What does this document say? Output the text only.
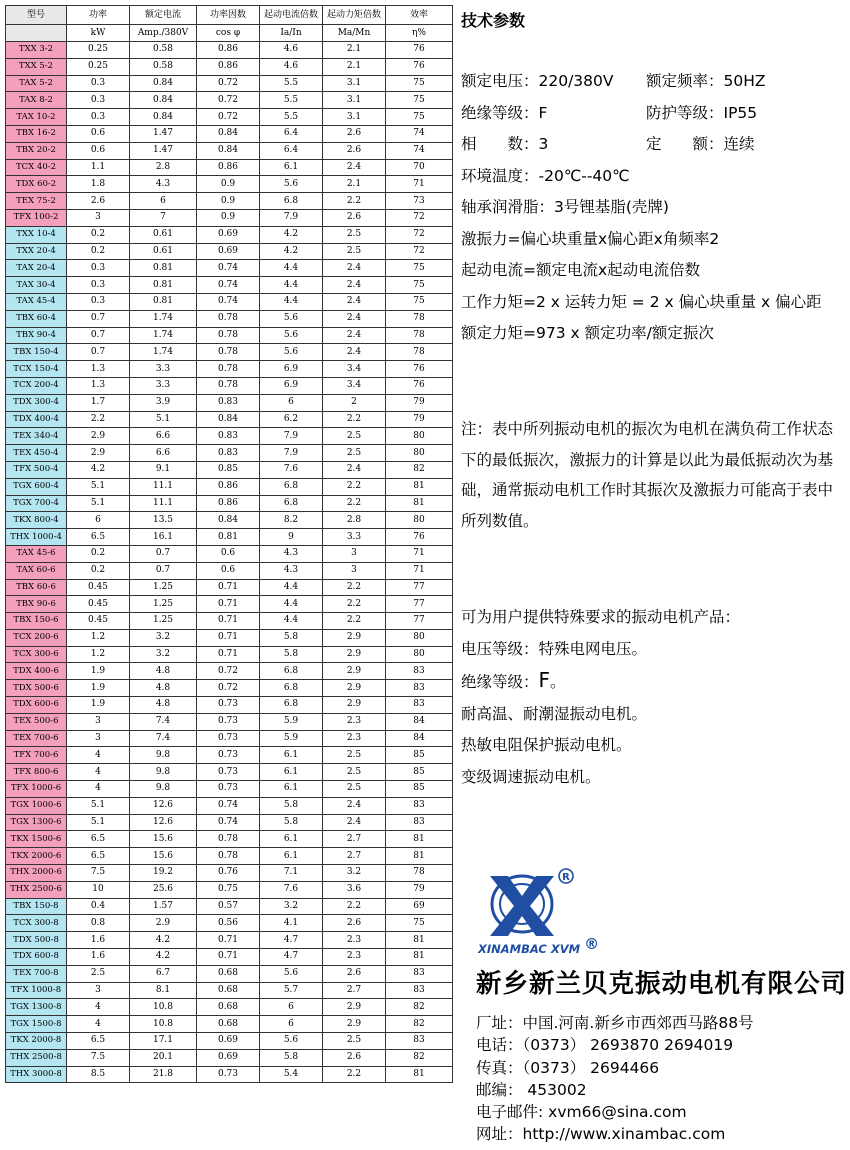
型号	功率	额定电流	功率因数	起动电流倍数	起动力矩倍数	效率
	kW	Amp./380V	cos φ	Ia/In	Ma/Mn	η%
TXX 3-2	0.25	0.58	0.86	4.6	2.1	76
TXX 5-2	0.25	0.58	0.86	4.6	2.1	76
TAX 5-2	0.3	0.84	0.72	5.5	3.1	75
TAX 8-2	0.3	0.84	0.72	5.5	3.1	75
TAX 10-2	0.3	0.84	0.72	5.5	3.1	75
TBX 16-2	0.6	1.47	0.84	6.4	2.6	74
TBX 20-2	0.6	1.47	0.84	6.4	2.6	74
TCX 40-2	1.1	2.8	0.86	6.1	2.4	70
TDX 60-2	1.8	4.3	0.9	5.6	2.1	71
TEX 75-2	2.6	6	0.9	6.8	2.2	73
TFX 100-2	3	7	0.9	7.9	2.6	72
TXX 10-4	0.2	0.61	0.69	4.2	2.5	72
TXX 20-4	0.2	0.61	0.69	4.2	2.5	72
TAX 20-4	0.3	0.81	0.74	4.4	2.4	75
TAX 30-4	0.3	0.81	0.74	4.4	2.4	75
TAX 45-4	0.3	0.81	0.74	4.4	2.4	75
TBX 60-4	0.7	1.74	0.78	5.6	2.4	78
TBX 90-4	0.7	1.74	0.78	5.6	2.4	78
TBX 150-4	0.7	1.74	0.78	5.6	2.4	78
TCX 150-4	1.3	3.3	0.78	6.9	3.4	76
TCX 200-4	1.3	3.3	0.78	6.9	3.4	76
TDX 300-4	1.7	3.9	0.83	6	2	79
TDX 400-4	2.2	5.1	0.84	6.2	2.2	79
TEX 340-4	2.9	6.6	0.83	7.9	2.5	80
TEX 450-4	2.9	6.6	0.83	7.9	2.5	80
TFX 500-4	4.2	9.1	0.85	7.6	2.4	82
TGX 600-4	5.1	11.1	0.86	6.8	2.2	81
TGX 700-4	5.1	11.1	0.86	6.8	2.2	81
TKX 800-4	6	13.5	0.84	8.2	2.8	80
THX 1000-4	6.5	16.1	0.81	9	3.3	76
TAX 45-6	0.2	0.7	0.6	4.3	3	71
TAX 60-6	0.2	0.7	0.6	4.3	3	71
TBX 60-6	0.45	1.25	0.71	4.4	2.2	77
TBX 90-6	0.45	1.25	0.71	4.4	2.2	77
TBX 150-6	0.45	1.25	0.71	4.4	2.2	77
TCX 200-6	1.2	3.2	0.71	5.8	2.9	80
TCX 300-6	1.2	3.2	0.71	5.8	2.9	80
TDX 400-6	1.9	4.8	0.72	6.8	2.9	83
TDX 500-6	1.9	4.8	0.72	6.8	2.9	83
TDX 600-6	1.9	4.8	0.73	6.8	2.9	83
TEX 500-6	3	7.4	0.73	5.9	2.3	84
TEX 700-6	3	7.4	0.73	5.9	2.3	84
TFX 700-6	4	9.8	0.73	6.1	2.5	85
TFX 800-6	4	9.8	0.73	6.1	2.5	85
TFX 1000-6	4	9.8	0.73	6.1	2.5	85
TGX 1000-6	5.1	12.6	0.74	5.8	2.4	83
TGX 1300-6	5.1	12.6	0.74	5.8	2.4	83
TKX 1500-6	6.5	15.6	0.78	6.1	2.7	81
TKX 2000-6	6.5	15.6	0.78	6.1	2.7	81
THX 2000-6	7.5	19.2	0.76	7.1	3.2	78
THX 2500-6	10	25.6	0.75	7.6	3.6	79
TBX 150-8	0.4	1.57	0.57	3.2	2.2	69
TCX 300-8	0.8	2.9	0.56	4.1	2.6	75
TDX 500-8	1.6	4.2	0.71	4.7	2.3	81
TDX 600-8	1.6	4.2	0.71	4.7	2.3	81
TEX 700-8	2.5	6.7	0.68	5.6	2.6	83
TFX 1000-8	3	8.1	0.68	5.7	2.7	83
TGX 1300-8	4	10.8	0.68	6	2.9	82
TGX 1500-8	4	10.8	0.68	6	2.9	82
TKX 2000-8	6.5	17.1	0.69	5.6	2.5	83
THX 2500-8	7.5	20.1	0.69	5.8	2.6	82
THX 3000-8	8.5	21.8	0.73	5.4	2.2	81
技术参数

额定电压：220/380V 额定频率：50HZ

绝缘等级：F	防护等级：IP55

相　　数：3	定　　额：连续

环境温度：-20℃--40℃

轴承润滑脂：3号锂基脂(壳牌)

激振力=偏心块重量x偏心距x角频率2

起动电流=额定电流x起动电流倍数

工作力矩=2 x 运转力矩 = 2 x 偏心块重量 x 偏心距

额定力矩=973 x 额定功率/额定振次

注：表中所列振动电机的振次为电机在满负荷工作状态下的最低振次，激振力的计算是以此为最低振动次为基础，通常振动电机工作时其振次及激振力可能高于表中所列数值。

可为用户提供特殊要求的振动电机产品：

电压等级：特殊电网电压。

绝缘等级：F。

耐高温、耐潮湿振动电机。

热敏电阻保护振动电机。

变级调速振动电机。

R
XINAMBAC XVM ®
新乡新兰贝克振动电机有限公司

厂址：中国.河南.新乡市西郊西马路88号

电话：（0373） 2693870 2694019

传真：（0373） 2694466

邮编： 453002

电子邮件: xvm66@sina.com

网址：http://www.xinambac.com
